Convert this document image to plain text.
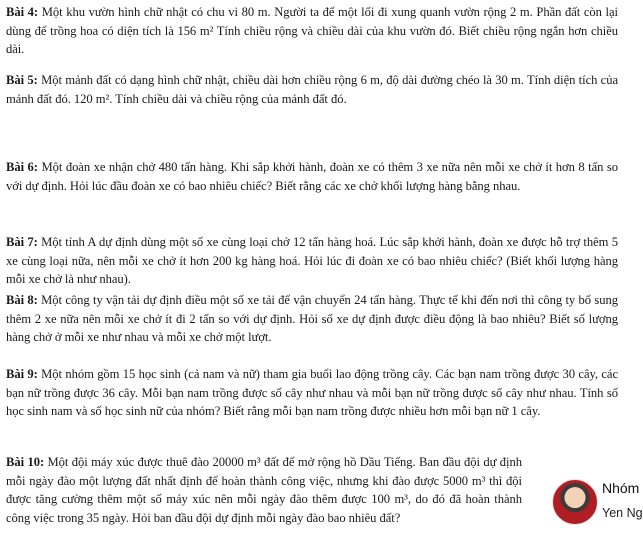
Bài 4: Một khu vườn hình chữ nhật có chu vi 80 m. Người ta để một lối đi xung quanh vườn rộng 2 m. Phần đất còn lại dùng để trồng hoa có diện tích là 156 m² Tính chiều rộng và chiều dài của khu vườn đó. Biết chiều rộng ngắn hơn chiều dài.

Bài 5: Một mảnh đất có dạng hình chữ nhật, chiều dài hơn chiều rộng 6 m, độ dài đường chéo là 30 m. Tính diện tích của mảnh đất đó. 120 m². Tính chiều dài và chiều rộng của mảnh đất đó.

Bài 6: Một đoàn xe nhận chở 480 tấn hàng. Khi sắp khởi hành, đoàn xe có thêm 3 xe nữa nên mỗi xe chở ít hơn 8 tấn so với dự định. Hỏi lúc đầu đoàn xe có bao nhiêu chiếc? Biết rằng các xe chở khối lượng hàng bằng nhau.

Bài 7: Một tỉnh A dự định dùng một số xe cùng loại chở 12 tấn hàng hoá. Lúc sắp khởi hành, đoàn xe được hỗ trợ thêm 5 xe cùng loại nữa, nên mỗi xe chở ít hơn 200 kg hàng hoá. Hỏi lúc đi đoàn xe có bao nhiêu chiếc? (Biết khối lượng hàng mỗi xe chở là như nhau).

Bài 8: Một công ty vận tải dự định điều một số xe tải để vận chuyển 24 tấn hàng. Thực tế khi đến nơi thì công ty bổ sung thêm 2 xe nữa nên mỗi xe chở ít đi 2 tấn so với dự định. Hỏi số xe dự định được điều động là bao nhiêu? Biết số lượng hàng chở ở mỗi xe như nhau và mỗi xe chở một lượt.

Bài 9: Một nhóm gồm 15 học sinh (cả nam và nữ) tham gia buổi lao động trồng cây. Các bạn nam trồng được 30 cây, các bạn nữ trồng được 36 cây. Mỗi bạn nam trồng được số cây như nhau và mỗi bạn nữ trồng được số cây như nhau. Tính số học sinh nam và số học sinh nữ của nhóm? Biết rằng mỗi bạn nam trồng được nhiều hơn mỗi bạn nữ 1 cây.

Bài 10: Một đội máy xúc được thuê đào 20000 m³ đất để mở rộng hồ Dầu Tiếng. Ban đầu đội dự định mỗi ngày đào một lượng đất nhất định để hoàn thành công việc, nhưng khi đào được 5000 m³ thì đội được tăng cường thêm một số máy xúc nên mỗi ngày đào thêm được 100 m³, do đó đã hoàn thành công việc trong 35 ngày. Hỏi ban đầu đội dự định mỗi ngày đào bao nhiêu đất?

Nhóm
Yen Ng
